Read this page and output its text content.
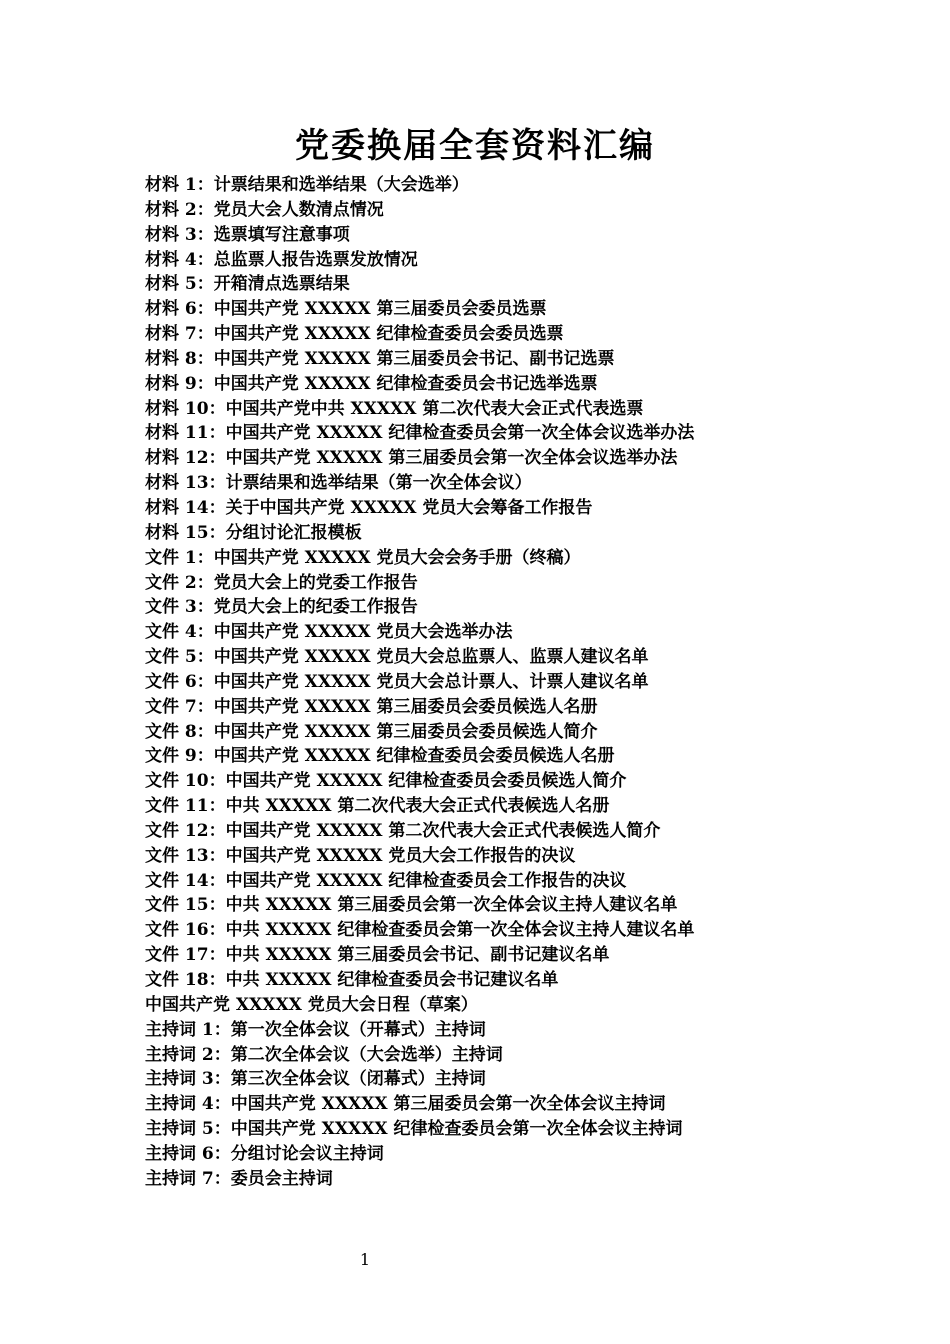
党委换届全套资料汇编
材料 1：计票结果和选举结果（大会选举）
材料 2：党员大会人数清点情况
材料 3：选票填写注意事项
材料 4：总监票人报告选票发放情况
材料 5：开箱清点选票结果
材料 6：中国共产党 XXXXX 第三届委员会委员选票
材料 7：中国共产党 XXXXX 纪律检查委员会委员选票
材料 8：中国共产党 XXXXX 第三届委员会书记、副书记选票
材料 9：中国共产党 XXXXX 纪律检查委员会书记选举选票
材料 10：中国共产党中共 XXXXX 第二次代表大会正式代表选票
材料 11：中国共产党 XXXXX 纪律检查委员会第一次全体会议选举办法
材料 12：中国共产党 XXXXX 第三届委员会第一次全体会议选举办法
材料 13：计票结果和选举结果（第一次全体会议）
材料 14：关于中国共产党 XXXXX 党员大会筹备工作报告
材料 15：分组讨论汇报模板
文件 1：中国共产党 XXXXX 党员大会会务手册（终稿）
文件 2：党员大会上的党委工作报告
文件 3：党员大会上的纪委工作报告
文件 4：中国共产党 XXXXX 党员大会选举办法
文件 5：中国共产党 XXXXX 党员大会总监票人、监票人建议名单
文件 6：中国共产党 XXXXX 党员大会总计票人、计票人建议名单
文件 7：中国共产党 XXXXX 第三届委员会委员候选人名册
文件 8：中国共产党 XXXXX 第三届委员会委员候选人简介
文件 9：中国共产党 XXXXX 纪律检查委员会委员候选人名册
文件 10：中国共产党 XXXXX 纪律检查委员会委员候选人简介
文件 11：中共 XXXXX 第二次代表大会正式代表候选人名册
文件 12：中国共产党 XXXXX 第二次代表大会正式代表候选人简介
文件 13：中国共产党 XXXXX 党员大会工作报告的决议
文件 14：中国共产党 XXXXX 纪律检查委员会工作报告的决议
文件 15：中共 XXXXX 第三届委员会第一次全体会议主持人建议名单
文件 16：中共 XXXXX 纪律检查委员会第一次全体会议主持人建议名单
文件 17：中共 XXXXX 第三届委员会书记、副书记建议名单
文件 18：中共 XXXXX 纪律检查委员会书记建议名单
中国共产党 XXXXX 党员大会日程（草案）
主持词 1：第一次全体会议（开幕式）主持词
主持词 2：第二次全体会议（大会选举）主持词
主持词 3：第三次全体会议（闭幕式）主持词
主持词 4：中国共产党 XXXXX 第三届委员会第一次全体会议主持词
主持词 5：中国共产党 XXXXX 纪律检查委员会第一次全体会议主持词
主持词 6：分组讨论会议主持词
主持词 7：委员会主持词
1
